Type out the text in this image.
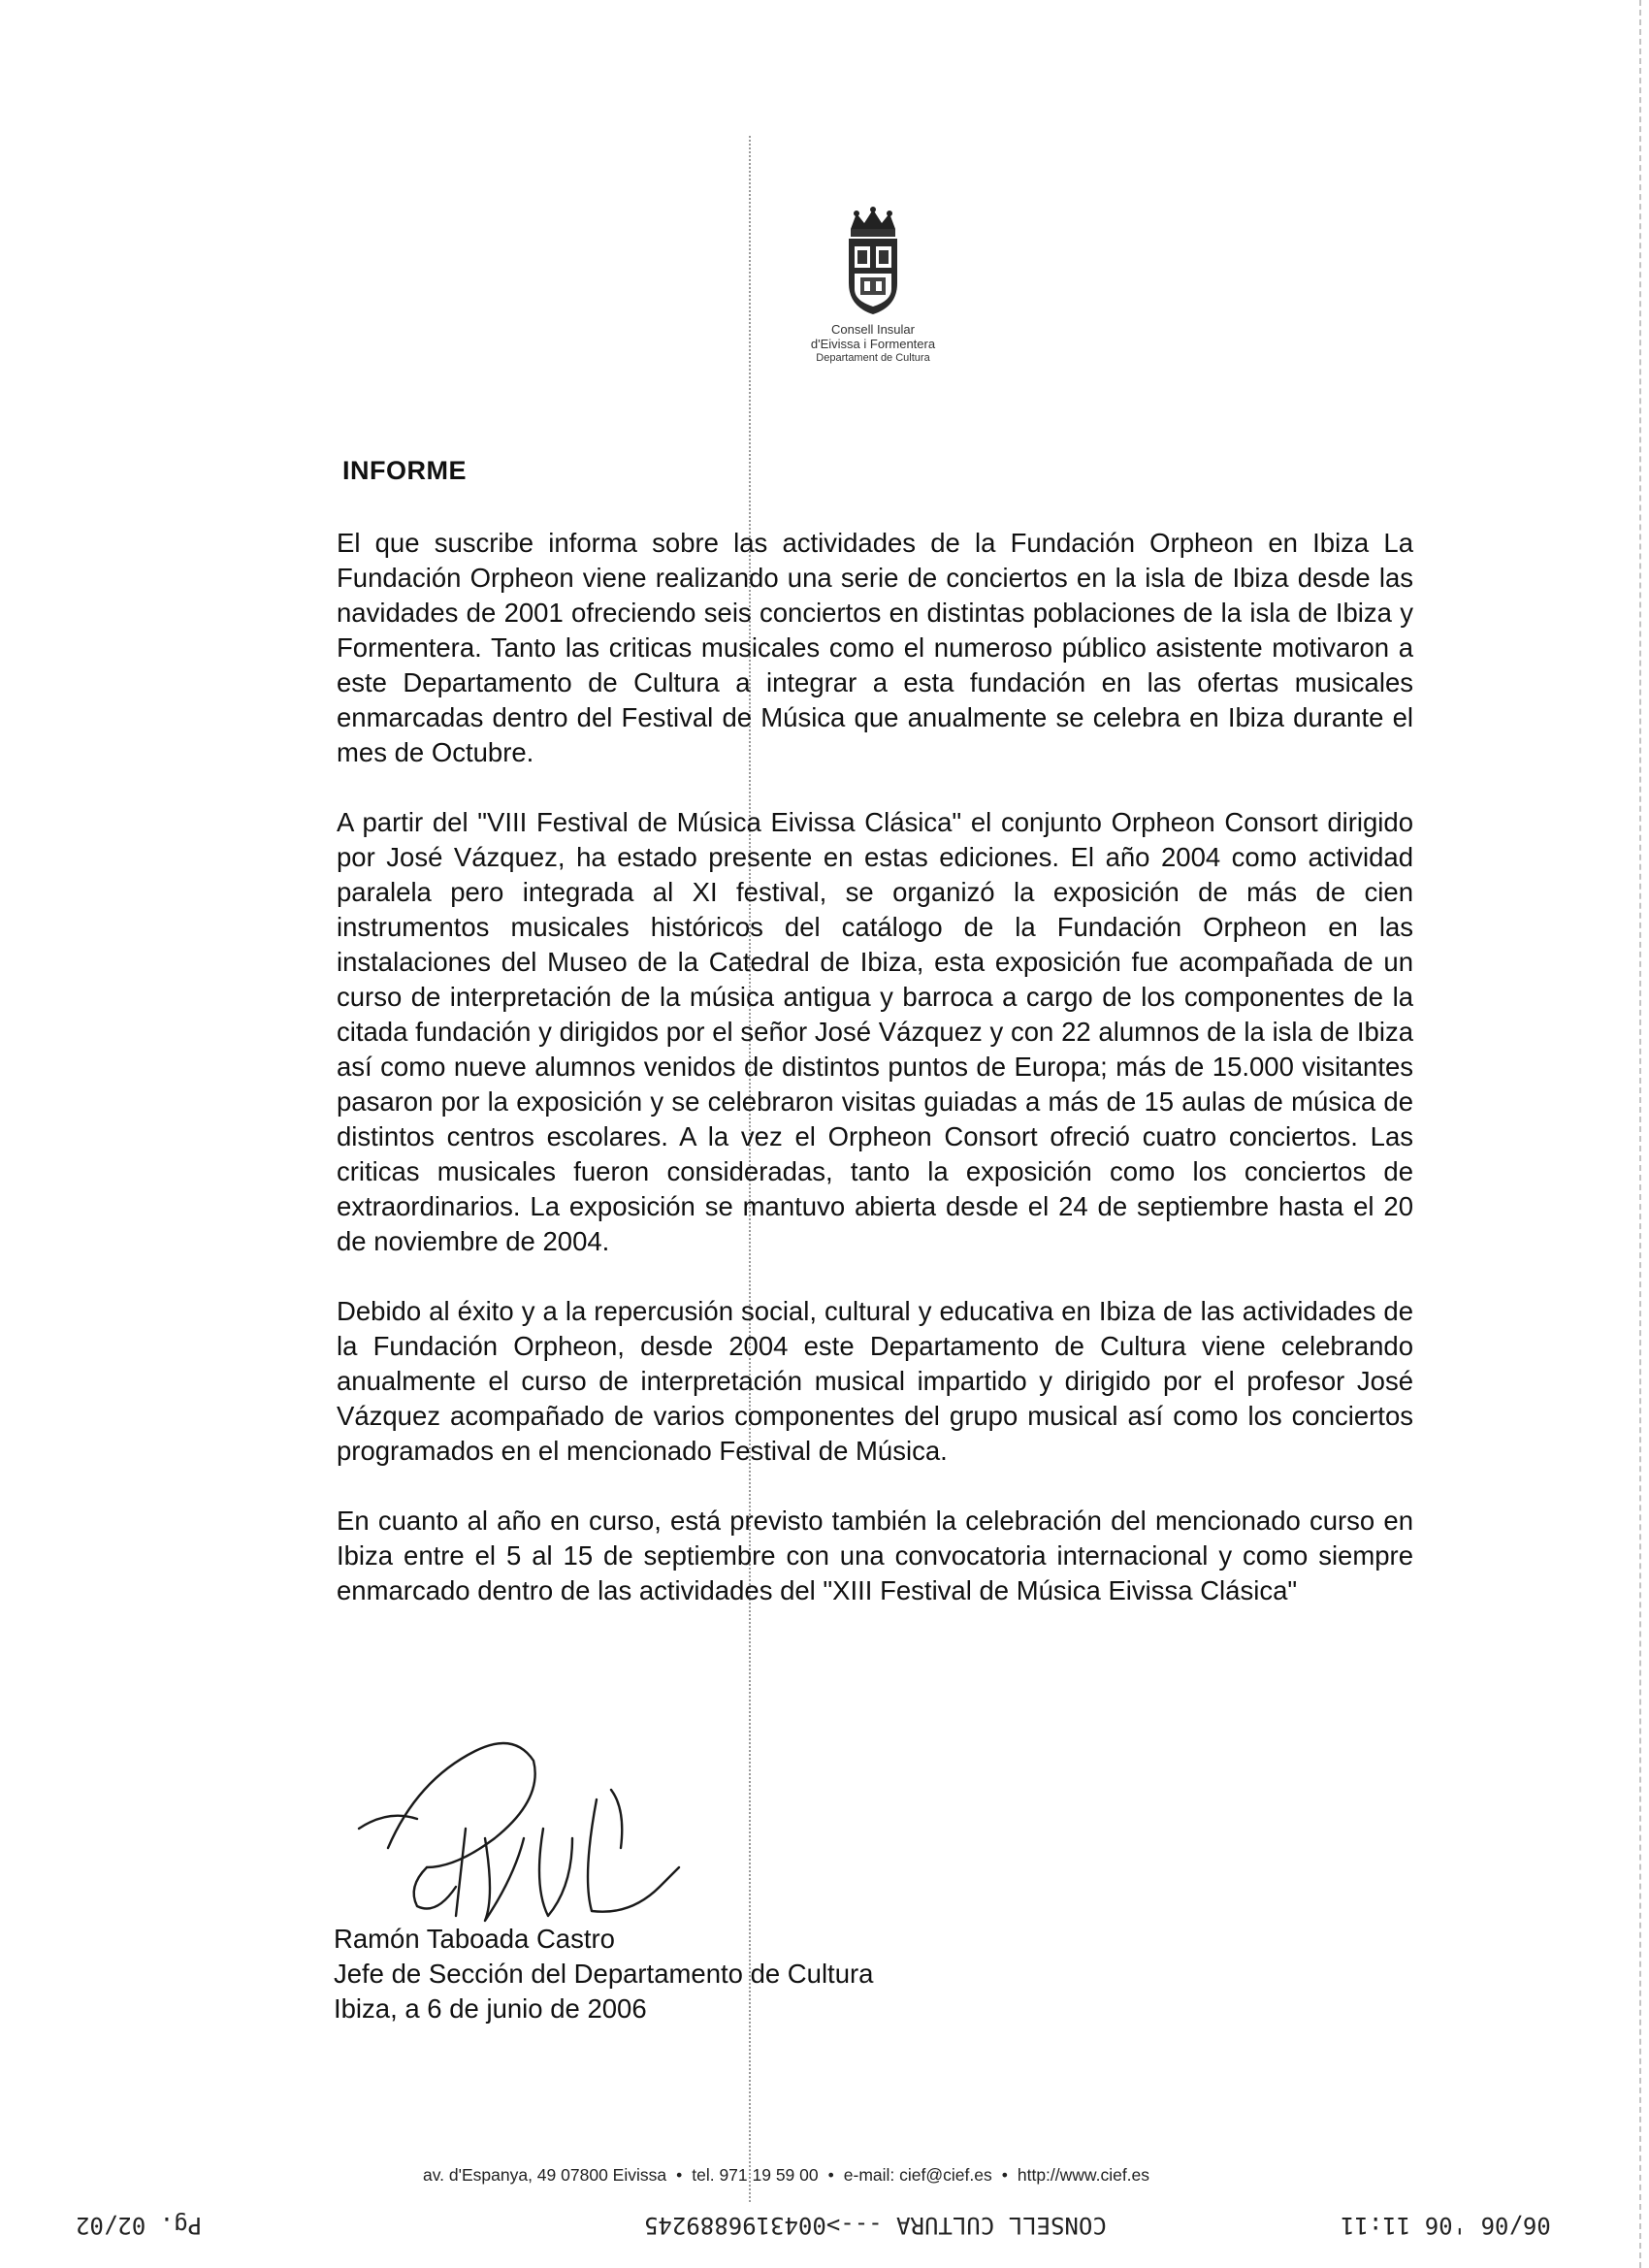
Consell Insular
d'Eivissa i Formentera
Departament de Cultura
INFORME

El que suscribe informa sobre las actividades de la Fundación Orpheon en Ibiza La Fundación Orpheon viene realizando una serie de conciertos en la isla de Ibiza desde las navidades de 2001 ofreciendo seis conciertos en distintas poblaciones de la isla de Ibiza y Formentera. Tanto las criticas musicales como el numeroso público asistente motivaron a este Departamento de Cultura a integrar a esta fundación en las ofertas musicales enmarcadas dentro del Festival de Música que anualmente se celebra en Ibiza durante el mes de Octubre.

A partir del "VIII Festival de Música Eivissa Clásica" el conjunto Orpheon Consort dirigido por José Vázquez, ha estado presente en estas ediciones. El año 2004 como actividad paralela pero integrada al XI festival, se organizó la exposición de más de cien instrumentos musicales históricos del catálogo de la Fundación Orpheon en las instalaciones del Museo de la Catedral de Ibiza, esta exposición fue acompañada de un curso de interpretación de la música antigua y barroca a cargo de los componentes de la citada fundación y dirigidos por el señor José Vázquez y con 22 alumnos de la isla de Ibiza así como nueve alumnos venidos de distintos puntos de Europa; más de 15.000 visitantes pasaron por la exposición y se celebraron visitas guiadas a más de 15 aulas de música de distintos centros escolares. A la vez el Orpheon Consort ofreció cuatro conciertos. Las criticas musicales fueron consideradas, tanto la exposición como los conciertos de extraordinarios. La exposición se mantuvo abierta desde el 24 de septiembre hasta el 20 de noviembre de 2004.

Debido al éxito y a la repercusión social, cultural y educativa en Ibiza de las actividades de la Fundación Orpheon, desde 2004 este Departamento de Cultura viene celebrando anualmente el curso de interpretación musical impartido y dirigido por el profesor José Vázquez acompañado de varios componentes del grupo musical así como los conciertos programados en el mencionado Festival de Música.

En cuanto al año en curso, está previsto también la celebración del mencionado curso en Ibiza entre el 5 al 15 de septiembre con una convocatoria internacional y como siempre enmarcado dentro de las actividades del "XIII Festival de Música Eivissa Clásica"

Ramón Taboada Castro
Jefe de Sección del Departamento de Cultura
Ibiza, a 6 de junio de 2006
av. d'Espanya, 49 07800 Eivissa • tel. 971 19 59 00 • e-mail: cief@cief.es • http://www.cief.es
06/06 '06 11:11
CONSELL CULTURA --->0043196889245
Pg. 02/02
